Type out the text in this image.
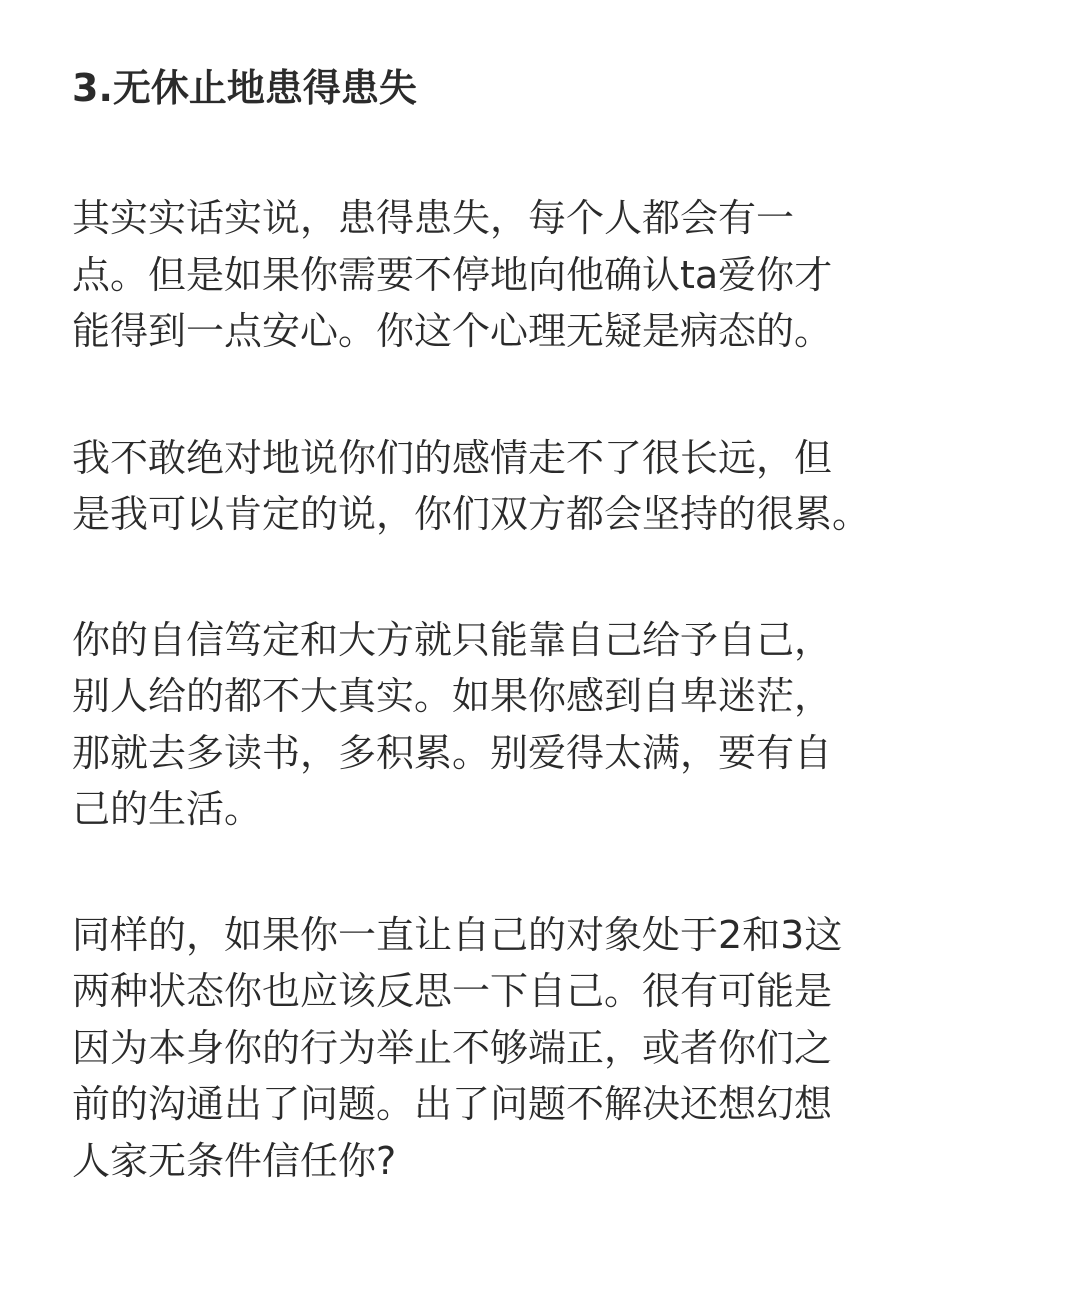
3.无休止地患得患失

其实实话实说，患得患失，每个人都会有一
点。但是如果你需要不停地向他确认ta爱你才
能得到一点安心。你这个心理无疑是病态的。

我不敢绝对地说你们的感情走不了很长远，但
是我可以肯定的说，你们双方都会坚持的很累。

你的自信笃定和大方就只能靠自己给予自己，
别人给的都不大真实。如果你感到自卑迷茫，
那就去多读书，多积累。别爱得太满，要有自
己的生活。

同样的，如果你一直让自己的对象处于2和3这
两种状态你也应该反思一下自己。很有可能是
因为本身你的行为举止不够端正，或者你们之
前的沟通出了问题。出了问题不解决还想幻想
人家无条件信任你?
